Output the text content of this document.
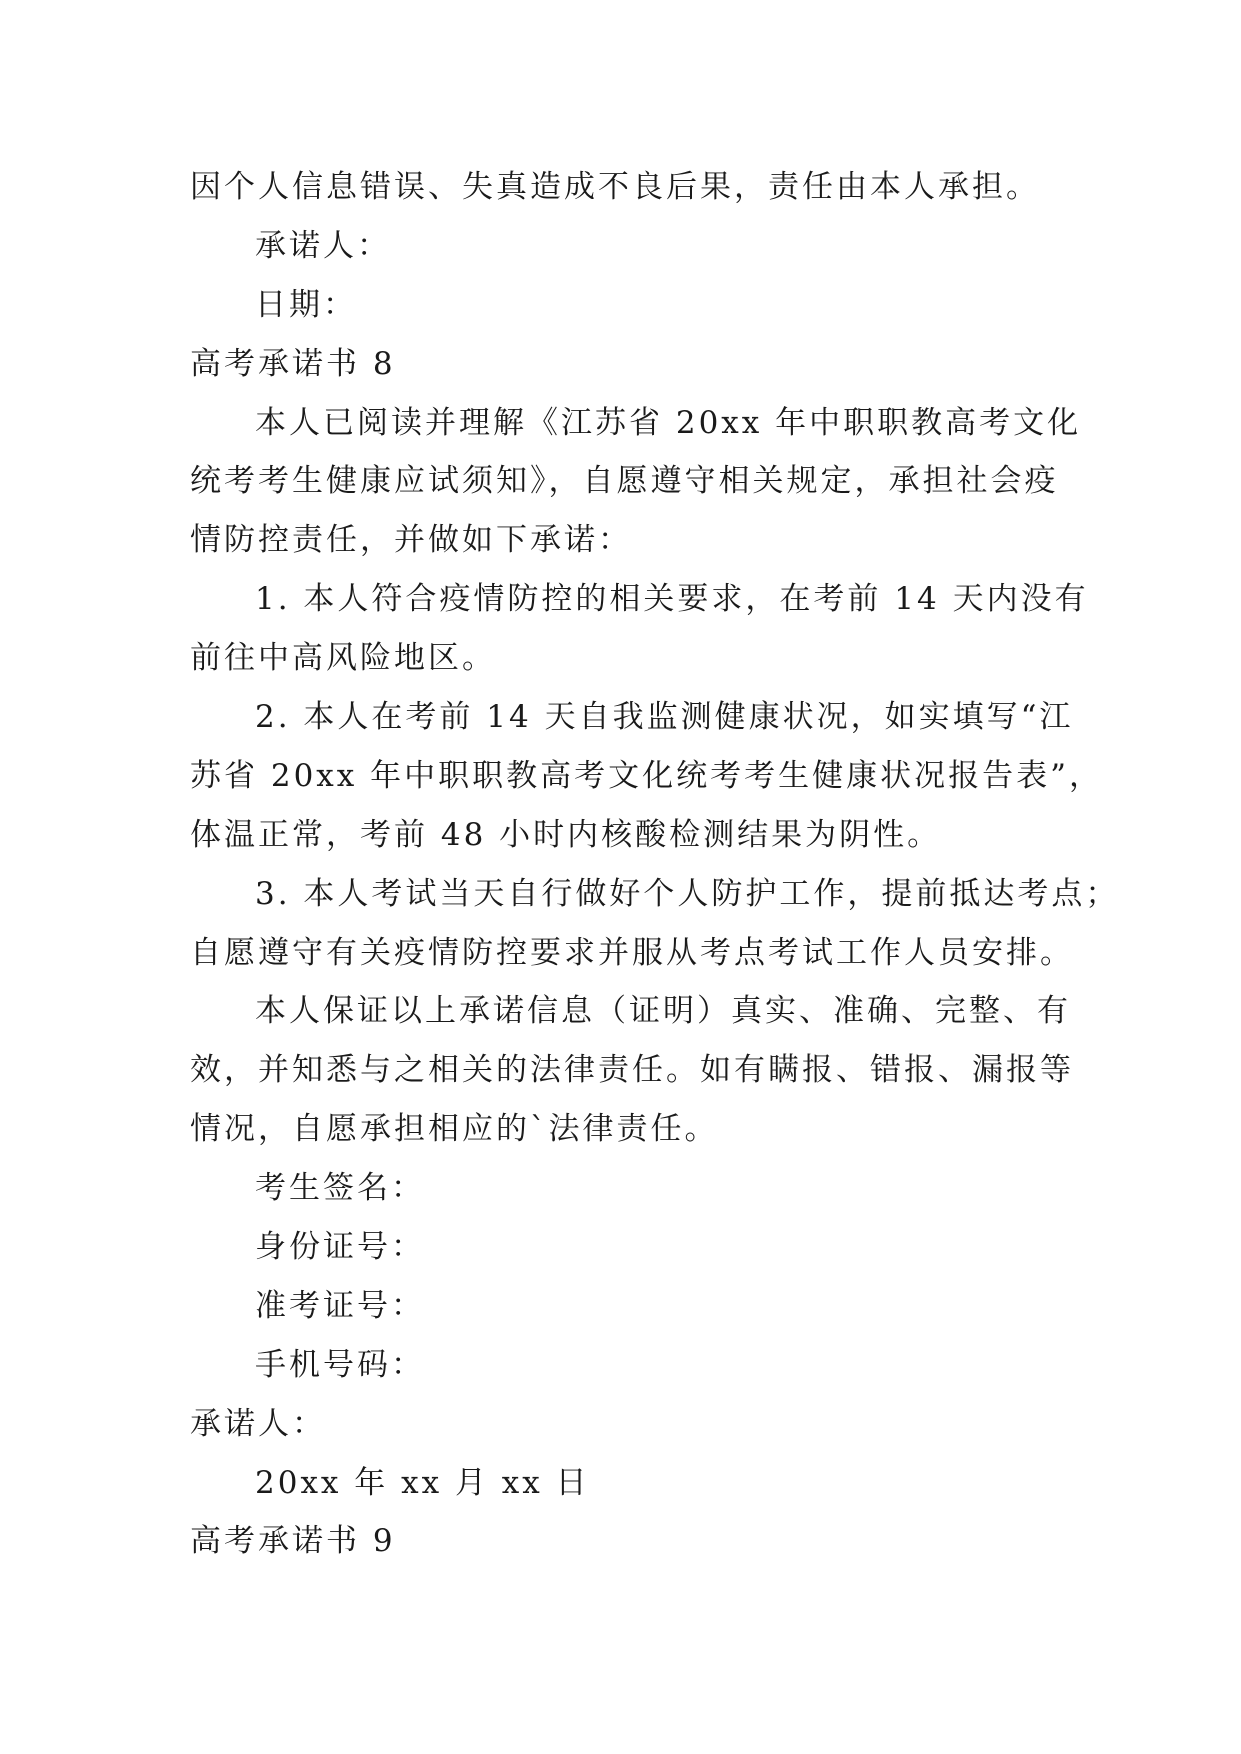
因个人信息错误、失真造成不良后果，责任由本人承担。

承诺人：

日期：

高考承诺书 8

本人已阅读并理解《江苏省 20xx 年中职职教高考文化

统考考生健康应试须知》，自愿遵守相关规定，承担社会疫

情防控责任，并做如下承诺：

1. 本人符合疫情防控的相关要求，在考前 14 天内没有

前往中高风险地区。

2. 本人在考前 14 天自我监测健康状况，如实填写“江

苏省 20xx 年中职职教高考文化统考考生健康状况报告表”，

体温正常，考前 48 小时内核酸检测结果为阴性。

3. 本人考试当天自行做好个人防护工作，提前抵达考点；

自愿遵守有关疫情防控要求并服从考点考试工作人员安排。

本人保证以上承诺信息（证明）真实、准确、完整、有

效，并知悉与之相关的法律责任。如有瞒报、错报、漏报等

情况，自愿承担相应的`法律责任。

考生签名：

身份证号：

准考证号：

手机号码：

承诺人：

20xx 年 xx 月 xx 日

高考承诺书 9
